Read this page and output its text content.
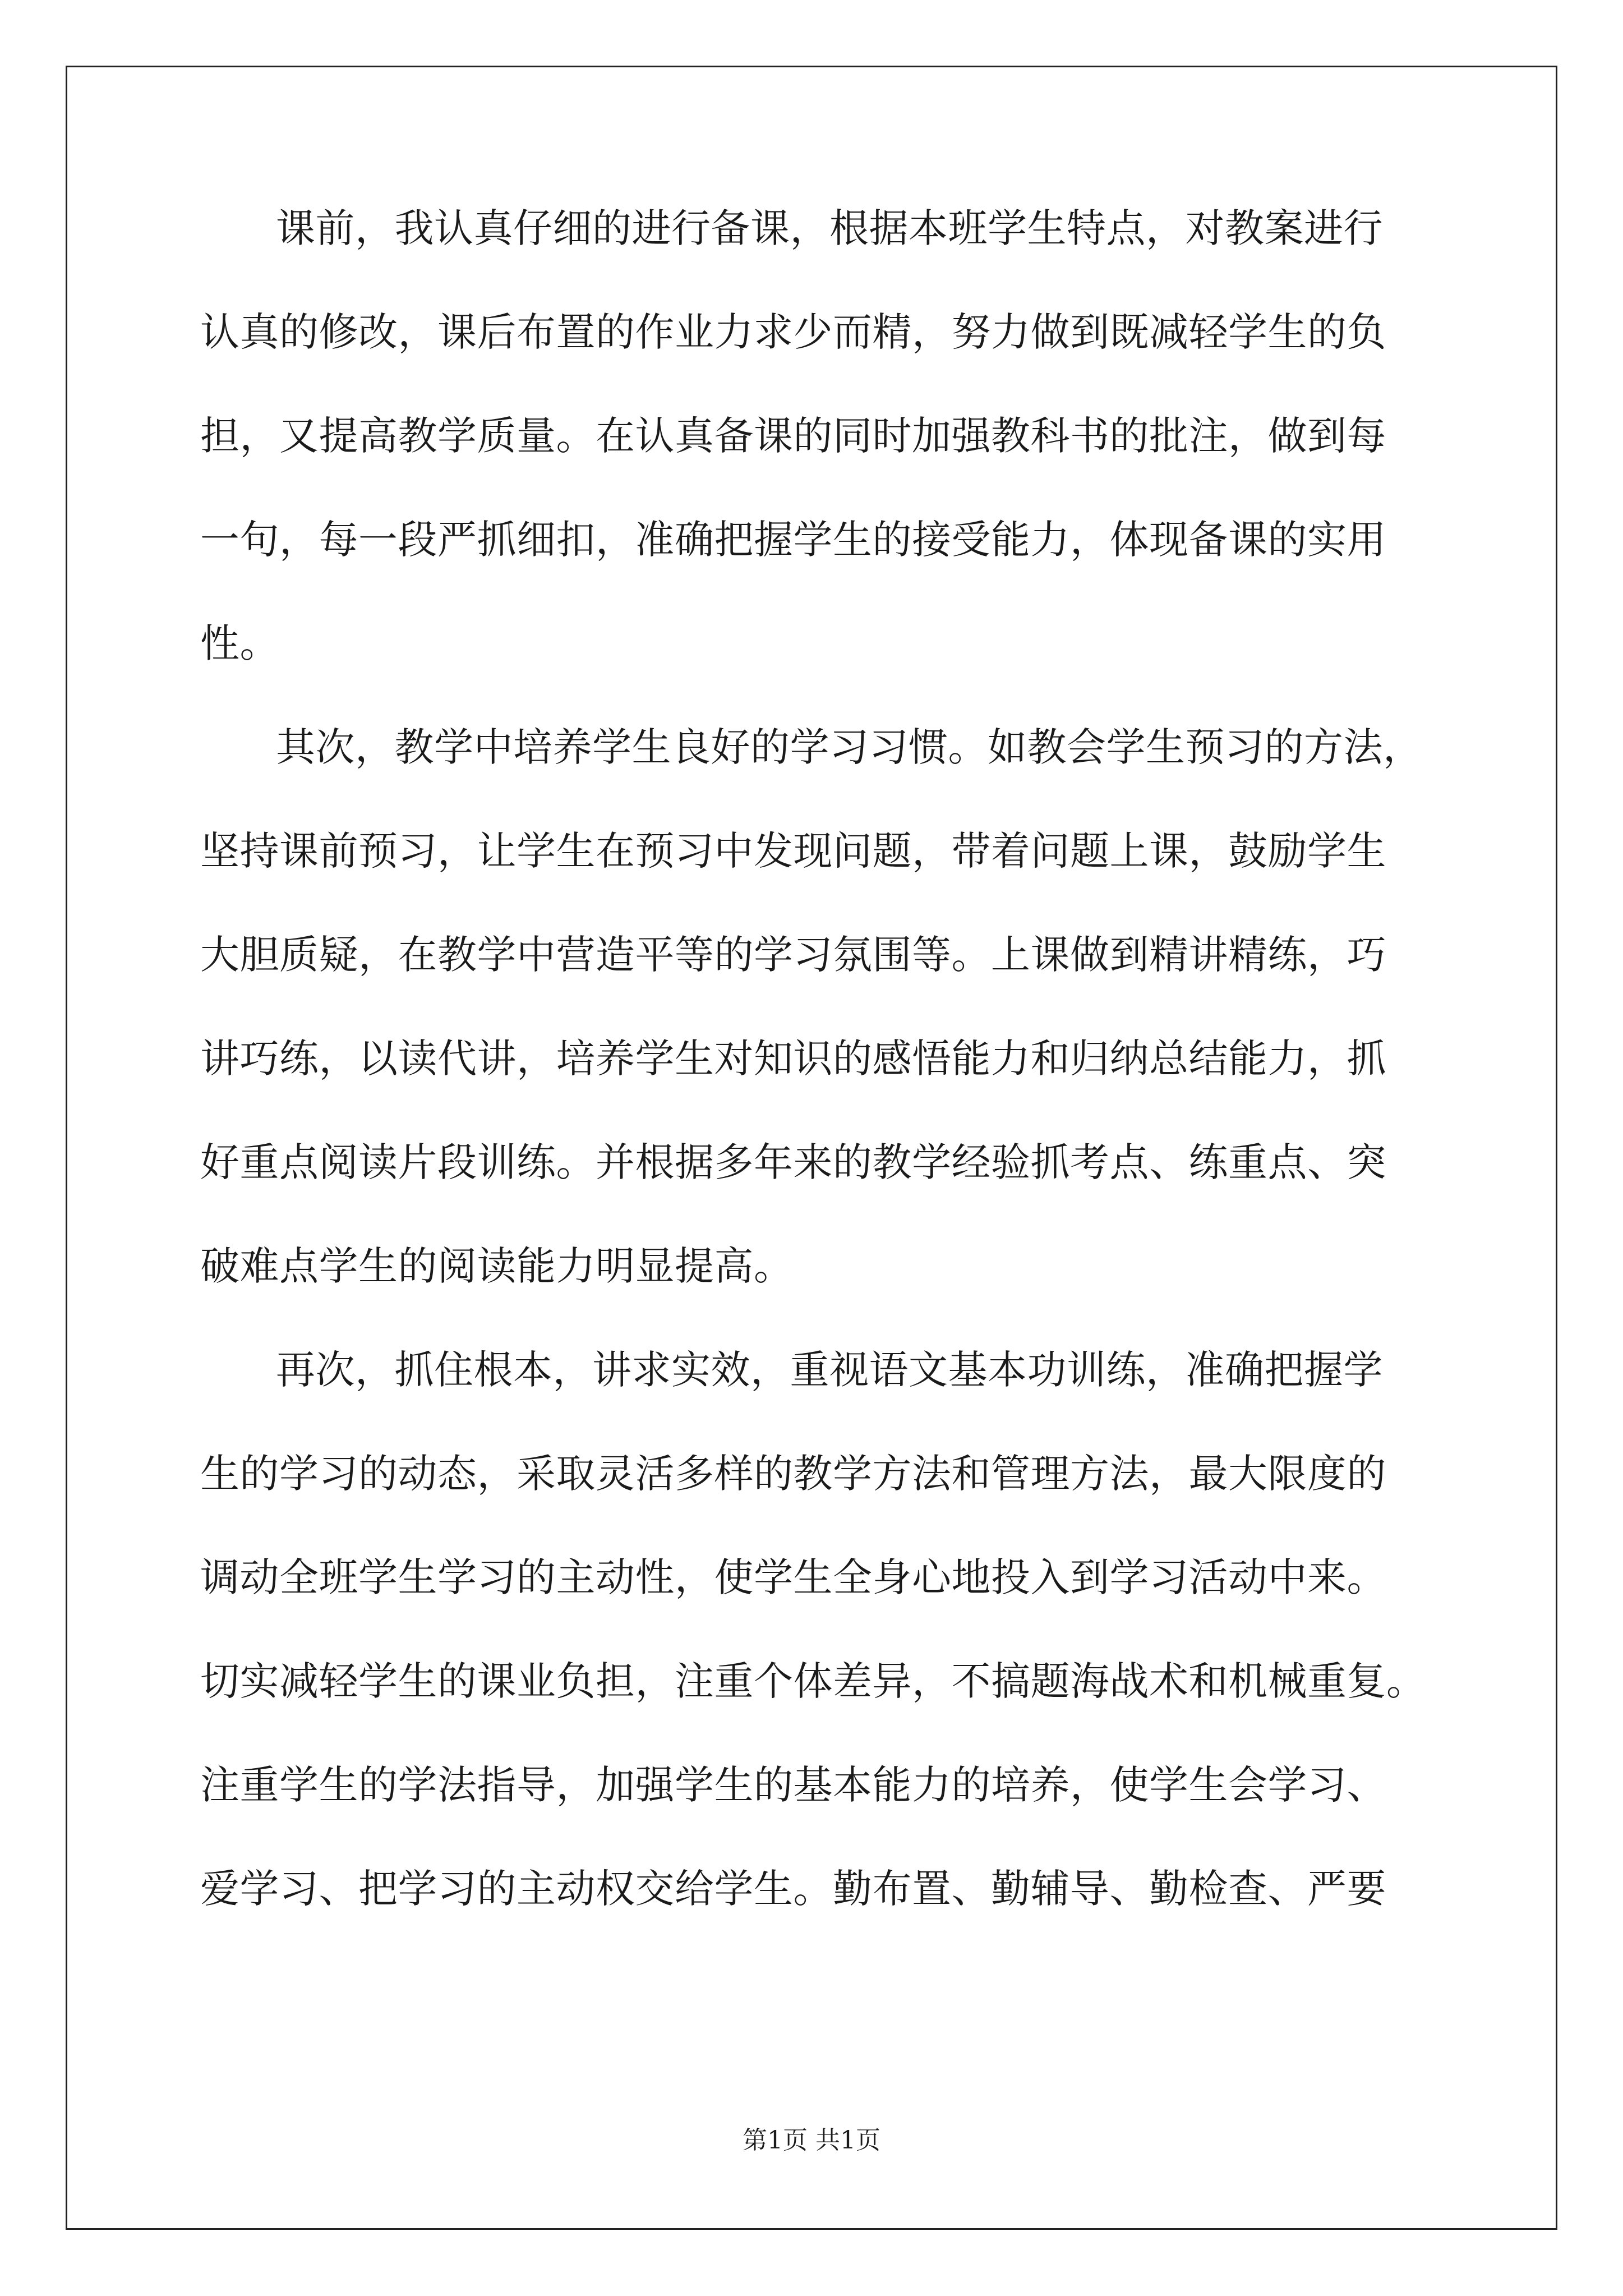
课前，我认真仔细的进行备课，根据本班学生特点，对教案进行
认真的修改，课后布置的作业力求少而精，努力做到既减轻学生的负
担，又提高教学质量。在认真备课的同时加强教科书的批注，做到每
一句，每一段严抓细扣，准确把握学生的接受能力，体现备课的实用
性。
其次，教学中培养学生良好的学习习惯。如教会学生预习的方法，
坚持课前预习，让学生在预习中发现问题，带着问题上课，鼓励学生
大胆质疑，在教学中营造平等的学习氛围等。上课做到精讲精练，巧
讲巧练，以读代讲，培养学生对知识的感悟能力和归纳总结能力，抓
好重点阅读片段训练。并根据多年来的教学经验抓考点、练重点、突
破难点学生的阅读能力明显提高。
再次，抓住根本，讲求实效，重视语文基本功训练，准确把握学
生的学习的动态，采取灵活多样的教学方法和管理方法，最大限度的
调动全班学生学习的主动性，使学生全身心地投入到学习活动中来。
切实减轻学生的课业负担，注重个体差异，不搞题海战术和机械重复。
注重学生的学法指导，加强学生的基本能力的培养，使学生会学习、
爱学习、把学习的主动权交给学生。勤布置、勤辅导、勤检查、严要
第1页 共1页
